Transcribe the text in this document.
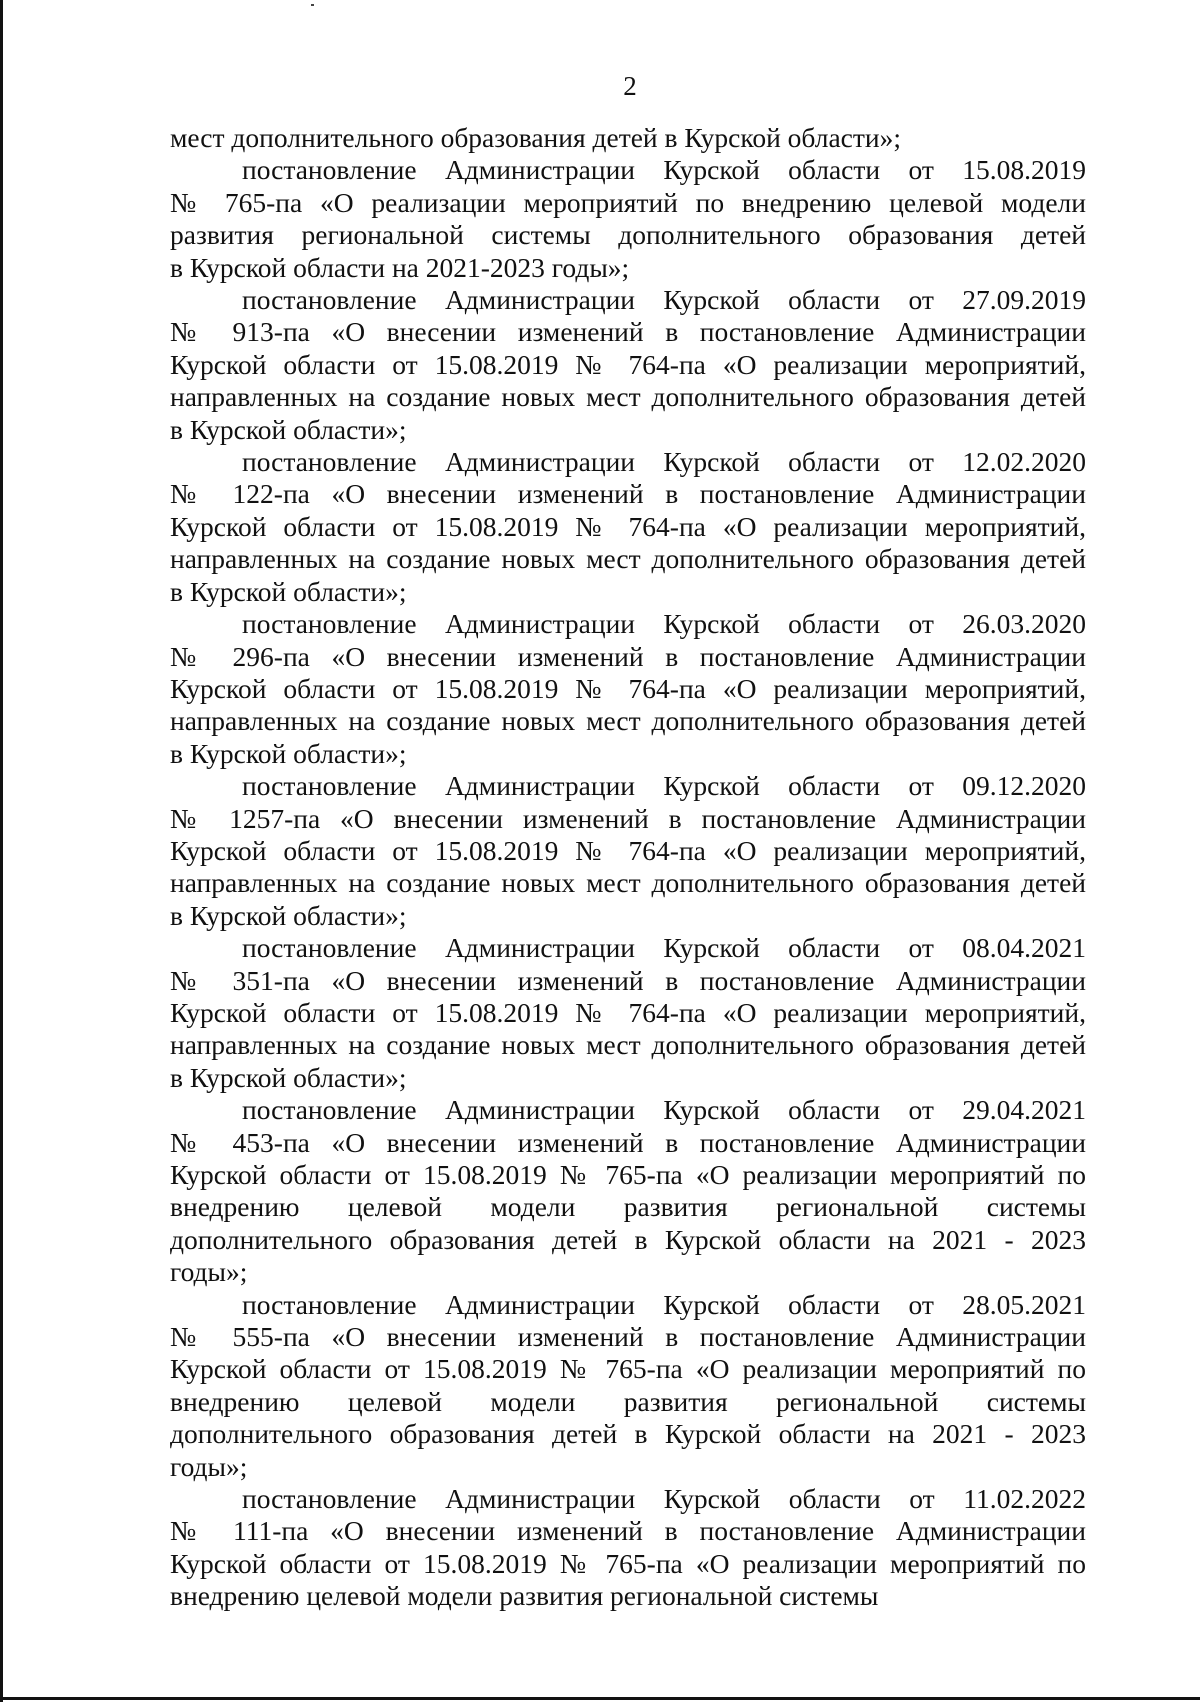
2
мест дополнительного образования детей в Курской области»;
постановление Администрации Курской области от 15.08.2019
№ 765-па «О реализации мероприятий по внедрению целевой модели
развития региональной системы дополнительного образования детей
в Курской области на 2021-2023 годы»;
постановление Администрации Курской области от 27.09.2019
№ 913-па «О внесении изменений в постановление Администрации
Курской области от 15.08.2019 № 764-па «О реализации мероприятий,
направленных на создание новых мест дополнительного образования детей
в Курской области»;
постановление Администрации Курской области от 12.02.2020
№ 122-па «О внесении изменений в постановление Администрации
Курской области от 15.08.2019 № 764-па «О реализации мероприятий,
направленных на создание новых мест дополнительного образования детей
в Курской области»;
постановление Администрации Курской области от 26.03.2020
№ 296-па «О внесении изменений в постановление Администрации
Курской области от 15.08.2019 № 764-па «О реализации мероприятий,
направленных на создание новых мест дополнительного образования детей
в Курской области»;
постановление Администрации Курской области от 09.12.2020
№ 1257-па «О внесении изменений в постановление Администрации
Курской области от 15.08.2019 № 764-па «О реализации мероприятий,
направленных на создание новых мест дополнительного образования детей
в Курской области»;
постановление Администрации Курской области от 08.04.2021
№ 351-па «О внесении изменений в постановление Администрации
Курской области от 15.08.2019 № 764-па «О реализации мероприятий,
направленных на создание новых мест дополнительного образования детей
в Курской области»;
постановление Администрации Курской области от 29.04.2021
№ 453-па «О внесении изменений в постановление Администрации
Курской области от 15.08.2019 № 765-па «О реализации мероприятий по
внедрению целевой модели развития региональной системы
дополнительного образования детей в Курской области на 2021 - 2023
годы»;
постановление Администрации Курской области от 28.05.2021
№ 555-па «О внесении изменений в постановление Администрации
Курской области от 15.08.2019 № 765-па «О реализации мероприятий по
внедрению целевой модели развития региональной системы
дополнительного образования детей в Курской области на 2021 - 2023
годы»;
постановление Администрации Курской области от 11.02.2022
№ 111-па «О внесении изменений в постановление Администрации
Курской области от 15.08.2019 № 765-па «О реализации мероприятий по
внедрению целевой модели развития региональной системы
